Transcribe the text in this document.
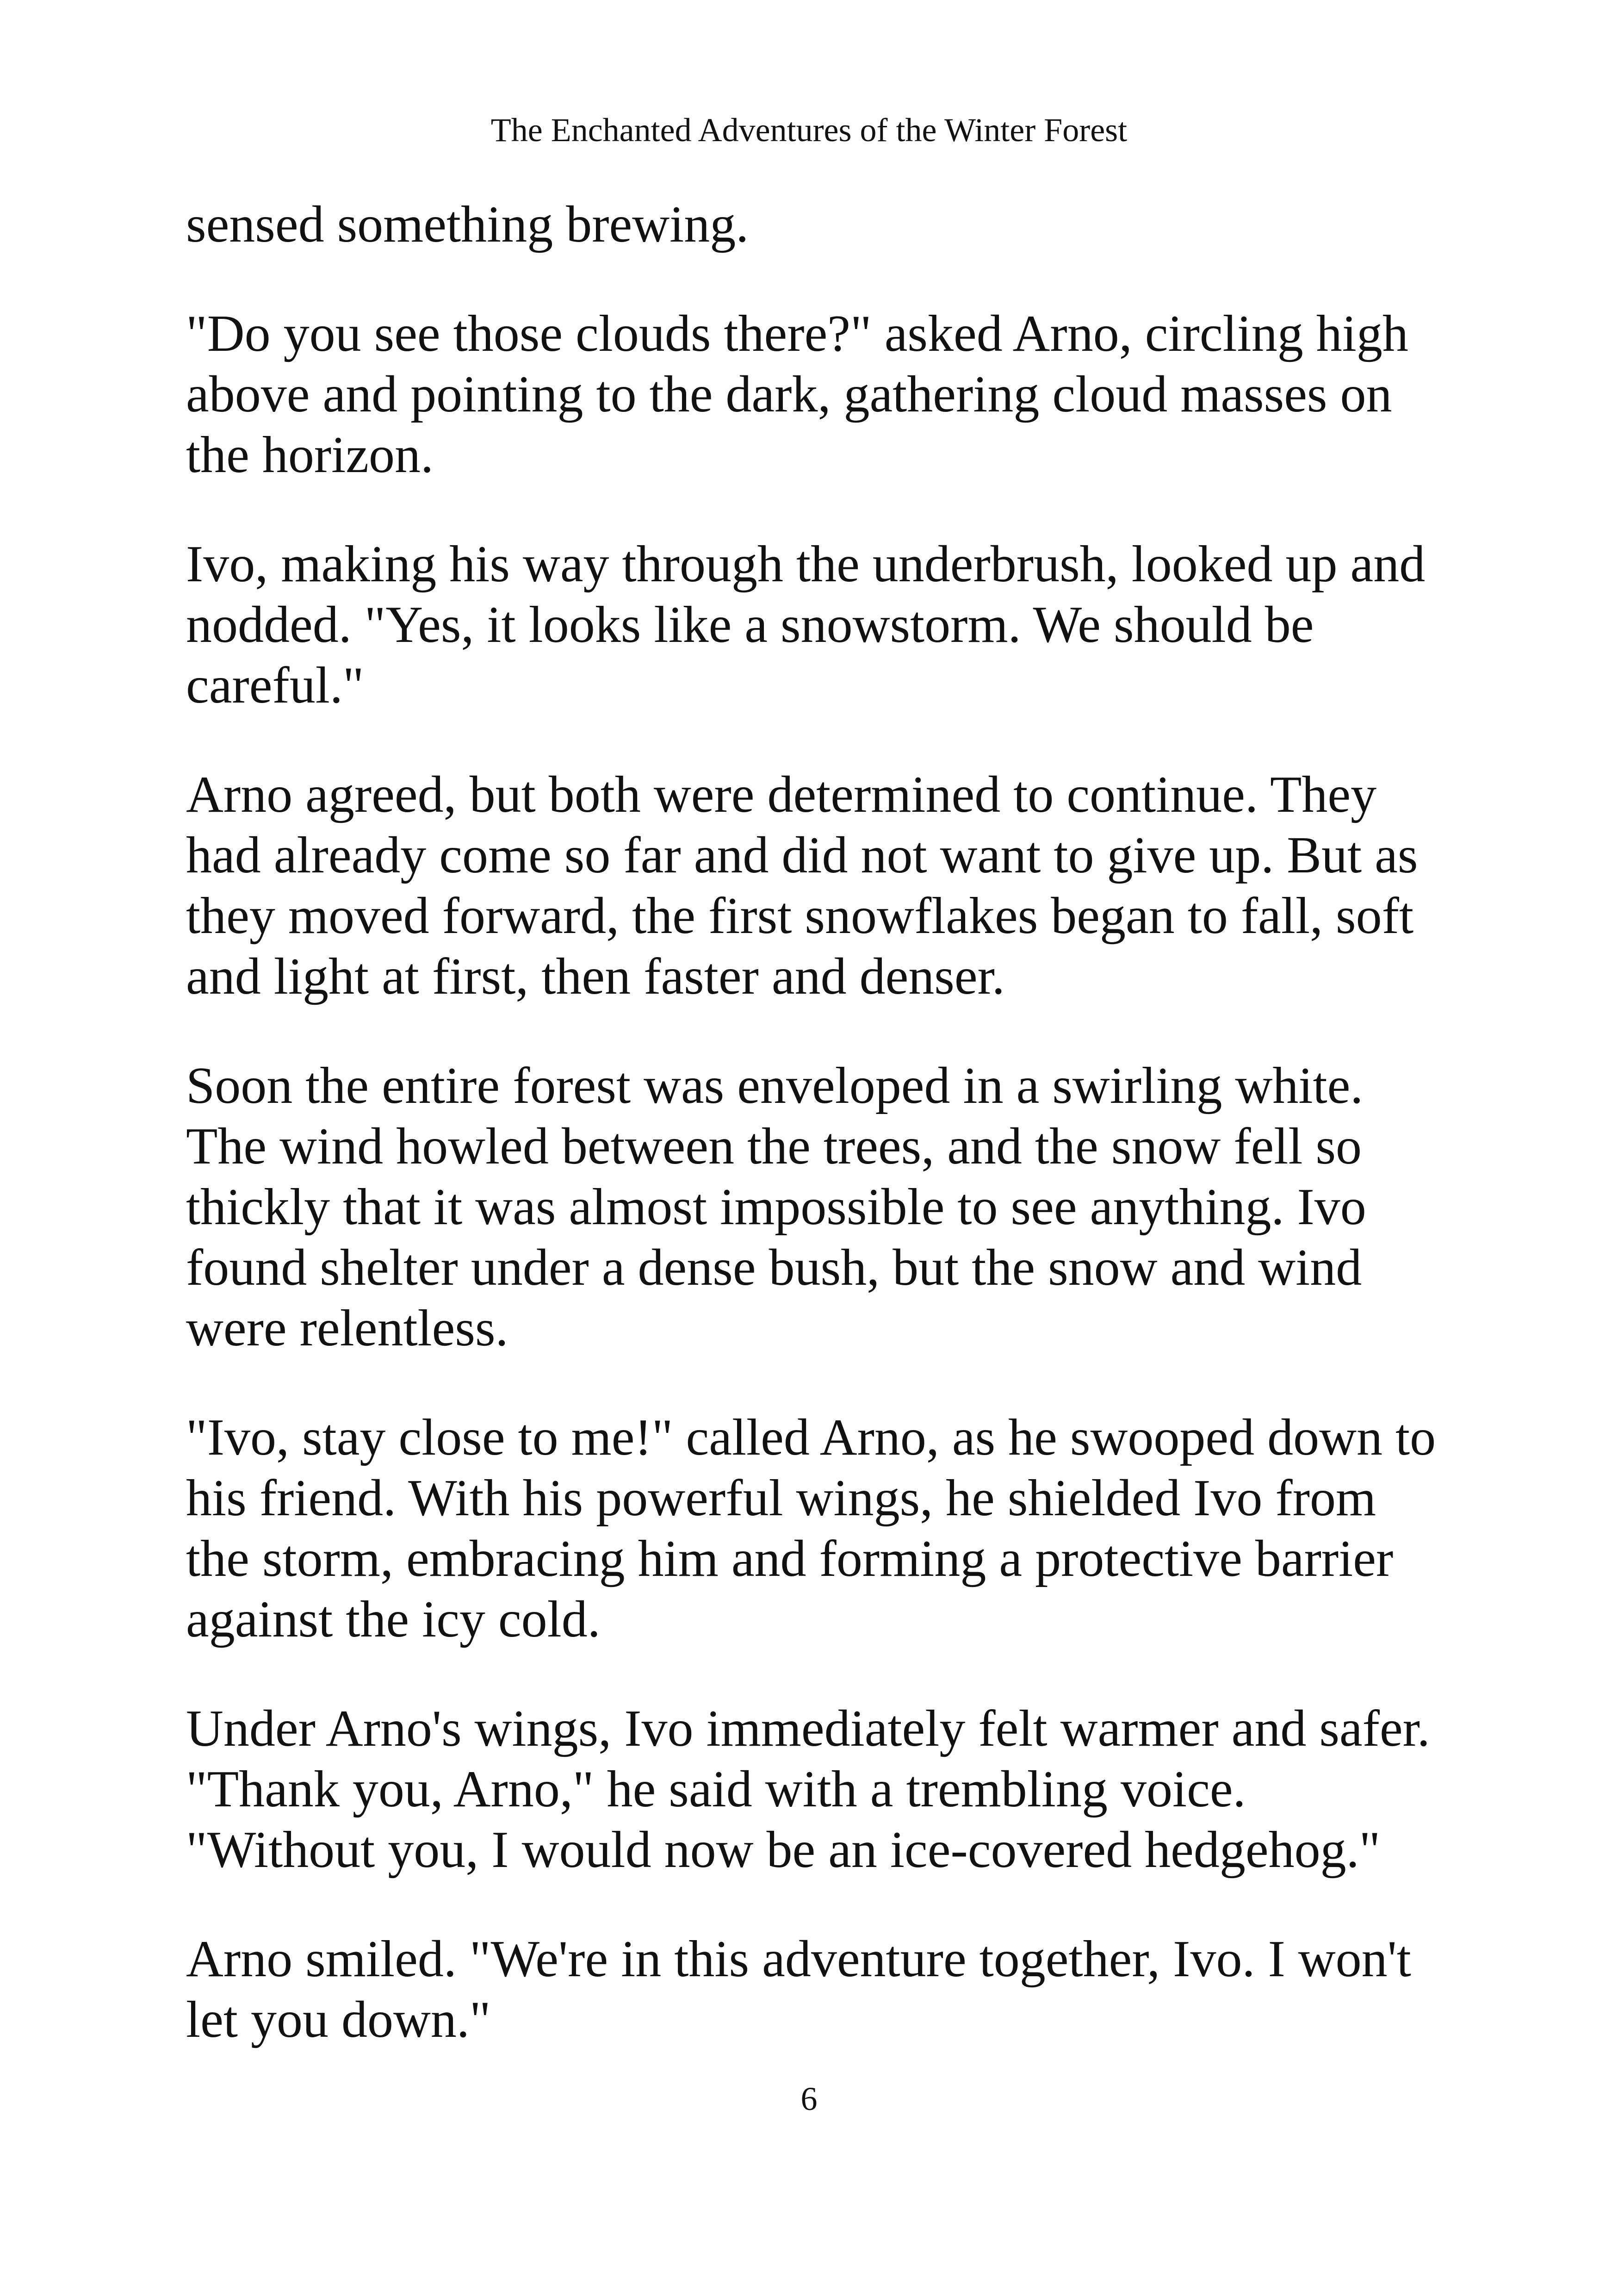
The Enchanted Adventures of the Winter Forest

sensed something brewing.

"Do you see those clouds there?" asked Arno, circling high above and pointing to the dark, gathering cloud masses on the horizon.

Ivo, making his way through the underbrush, looked up and nodded. "Yes, it looks like a snowstorm. We should be careful."

Arno agreed, but both were determined to continue. They had already come so far and did not want to give up. But as they moved forward, the first snowflakes began to fall, soft and light at first, then faster and denser.

Soon the entire forest was enveloped in a swirling white. The wind howled between the trees, and the snow fell so thickly that it was almost impossible to see anything. Ivo found shelter under a dense bush, but the snow and wind were relentless.

"Ivo, stay close to me!" called Arno, as he swooped down to his friend. With his powerful wings, he shielded Ivo from the storm, embracing him and forming a protective barrier against the icy cold.

Under Arno's wings, Ivo immediately felt warmer and safer. "Thank you, Arno," he said with a trembling voice. "Without you, I would now be an ice-covered hedgehog."

Arno smiled. "We're in this adventure together, Ivo. I won't let you down."

6
